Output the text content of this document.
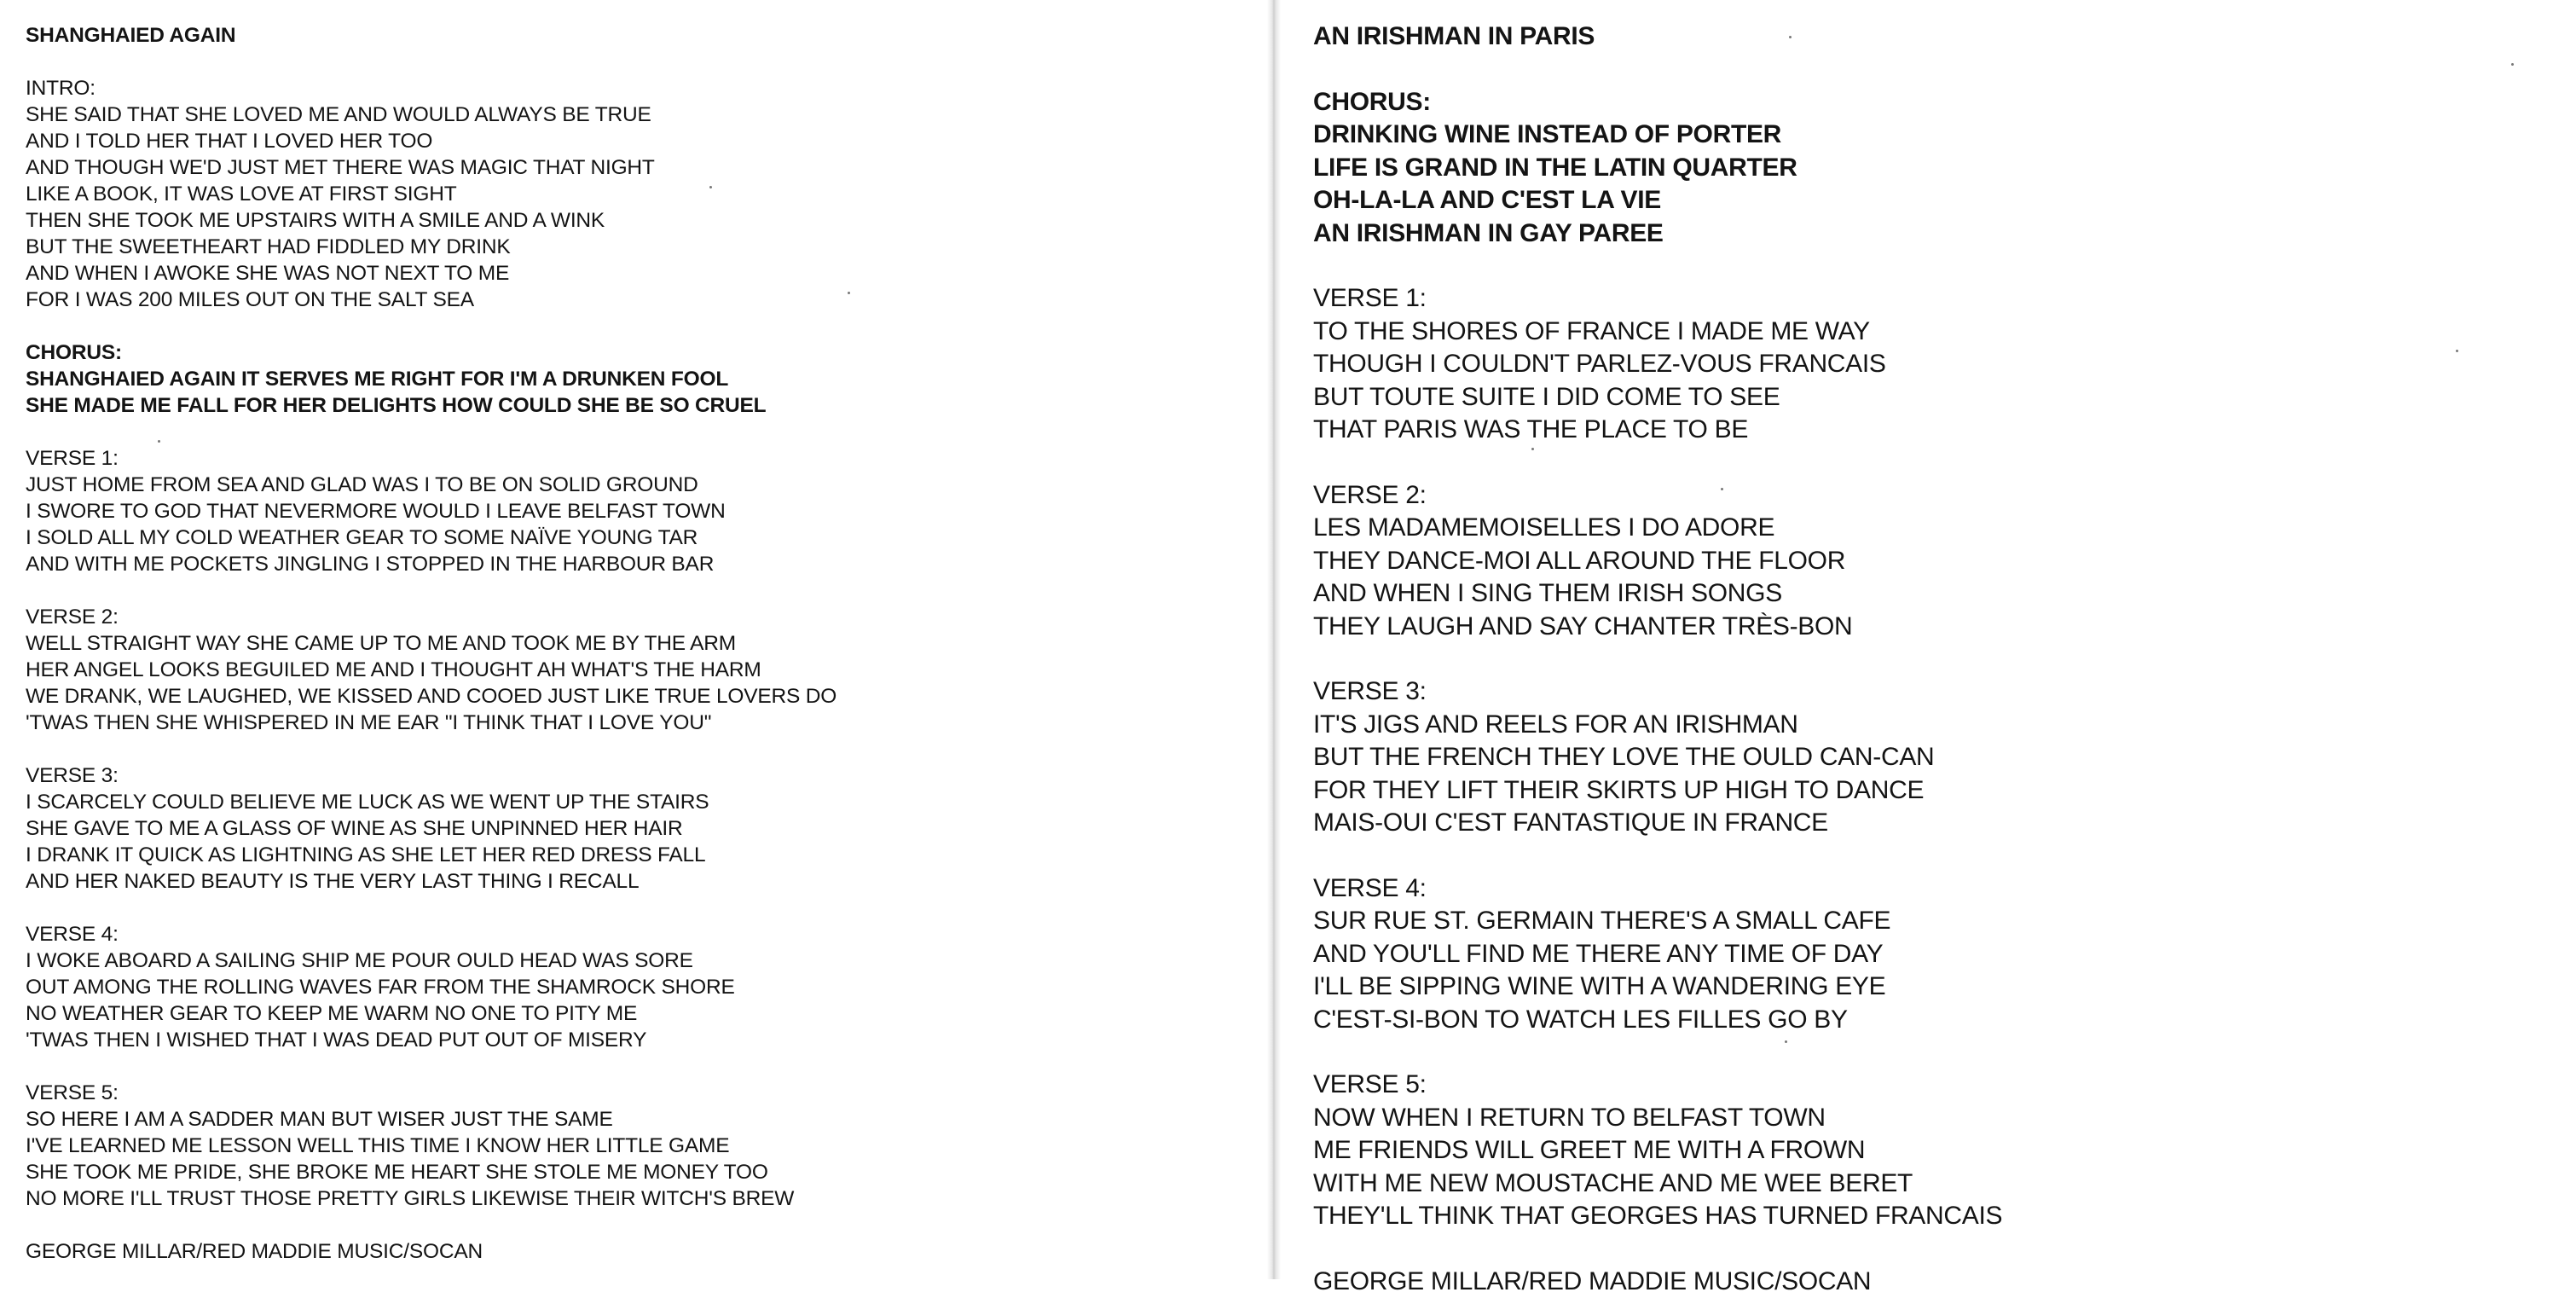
SHANGHAIED AGAIN
INTRO:
SHE SAID THAT SHE LOVED ME AND WOULD ALWAYS BE TRUE
AND I TOLD HER THAT I LOVED HER TOO
AND THOUGH WE'D JUST MET THERE WAS MAGIC THAT NIGHT
LIKE A BOOK, IT WAS LOVE AT FIRST SIGHT
THEN SHE TOOK ME UPSTAIRS WITH A SMILE AND A WINK
BUT THE SWEETHEART HAD FIDDLED MY DRINK
AND WHEN I AWOKE SHE WAS NOT NEXT TO ME
FOR I WAS 200 MILES OUT ON THE SALT SEA
CHORUS:
SHANGHAIED AGAIN IT SERVES ME RIGHT FOR I'M A DRUNKEN FOOL
SHE MADE ME FALL FOR HER DELIGHTS HOW COULD SHE BE SO CRUEL
VERSE 1:
JUST HOME FROM SEA AND GLAD WAS I TO BE ON SOLID GROUND
I SWORE TO GOD THAT NEVERMORE WOULD I LEAVE BELFAST TOWN
I SOLD ALL MY COLD WEATHER GEAR TO SOME NAÏVE YOUNG TAR
AND WITH ME POCKETS JINGLING I STOPPED IN THE HARBOUR BAR
VERSE 2:
WELL STRAIGHT WAY SHE CAME UP TO ME AND TOOK ME BY THE ARM
HER ANGEL LOOKS BEGUILED ME AND I THOUGHT AH WHAT'S THE HARM
WE DRANK, WE LAUGHED, WE KISSED AND COOED JUST LIKE TRUE LOVERS DO
'TWAS THEN SHE WHISPERED IN ME EAR "I THINK THAT I LOVE YOU"
VERSE 3:
I SCARCELY COULD BELIEVE ME LUCK AS WE WENT UP THE STAIRS
SHE GAVE TO ME A GLASS OF WINE AS SHE UNPINNED HER HAIR
I DRANK IT QUICK AS LIGHTNING AS SHE LET HER RED DRESS FALL
AND HER NAKED BEAUTY IS THE VERY LAST THING I RECALL
VERSE 4:
I WOKE ABOARD A SAILING SHIP ME POUR OULD HEAD WAS SORE
OUT AMONG THE ROLLING WAVES FAR FROM THE SHAMROCK SHORE
NO WEATHER GEAR TO KEEP ME WARM NO ONE TO PITY ME
'TWAS THEN I WISHED THAT I WAS DEAD PUT OUT OF MISERY
VERSE 5:
SO HERE I AM A SADDER MAN BUT WISER JUST THE SAME
I'VE LEARNED ME LESSON WELL THIS TIME I KNOW HER LITTLE GAME
SHE TOOK ME PRIDE, SHE BROKE ME HEART SHE STOLE ME MONEY TOO
NO MORE I'LL TRUST THOSE PRETTY GIRLS LIKEWISE THEIR WITCH'S BREW
GEORGE MILLAR/RED MADDIE MUSIC/SOCAN
AN IRISHMAN IN PARIS
CHORUS:
DRINKING WINE INSTEAD OF PORTER
LIFE IS GRAND IN THE LATIN QUARTER
OH-LA-LA AND C'EST LA VIE
AN IRISHMAN IN GAY PAREE
VERSE 1:
TO THE SHORES OF FRANCE I MADE ME WAY
THOUGH I COULDN'T PARLEZ-VOUS FRANCAIS
BUT TOUTE SUITE I DID COME TO SEE
THAT PARIS WAS THE PLACE TO BE
VERSE 2:
LES MADAMEMOISELLES I DO ADORE
THEY DANCE-MOI ALL AROUND THE FLOOR
AND WHEN I SING THEM IRISH SONGS
THEY LAUGH AND SAY CHANTER TRÈS-BON
VERSE 3:
IT'S JIGS AND REELS FOR AN IRISHMAN
BUT THE FRENCH THEY LOVE THE OULD CAN-CAN
FOR THEY LIFT THEIR SKIRTS UP HIGH TO DANCE
MAIS-OUI C'EST FANTASTIQUE IN FRANCE
VERSE 4:
SUR RUE ST. GERMAIN THERE'S A SMALL CAFE
AND YOU'LL FIND ME THERE ANY TIME OF DAY
I'LL BE SIPPING WINE WITH A WANDERING EYE
C'EST-SI-BON TO WATCH LES FILLES GO BY
VERSE 5:
NOW WHEN I RETURN TO BELFAST TOWN
ME FRIENDS WILL GREET ME WITH A FROWN
WITH ME NEW MOUSTACHE AND ME WEE BERET
THEY'LL THINK THAT GEORGES HAS TURNED FRANCAIS
GEORGE MILLAR/RED MADDIE MUSIC/SOCAN
